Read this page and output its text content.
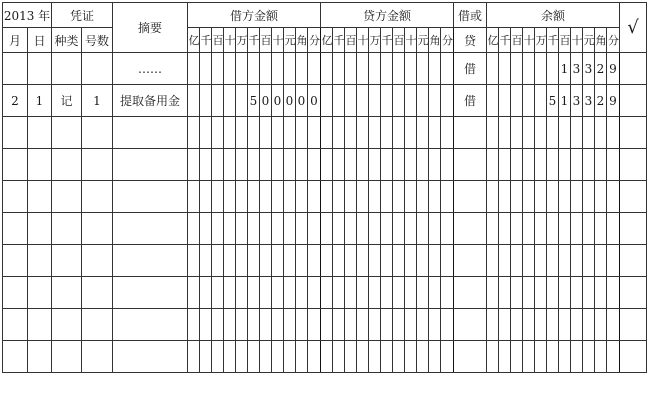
2013 年		凭证		摘要	借方金额											贷方金额											借或	余额											√
月	日	种类	号数		亿	千	百	十	万	千	百	十	元	角	分	亿	千	百	十	万	千	百	十	元	角	分	贷	亿	千	百	十	万	千	百	十	元	角	分	
				……																							借							1	3	3	2	9	
2	1	记	1	提取备用金						5	0	0	0	0	0												借						5	1	3	3	2	9	
